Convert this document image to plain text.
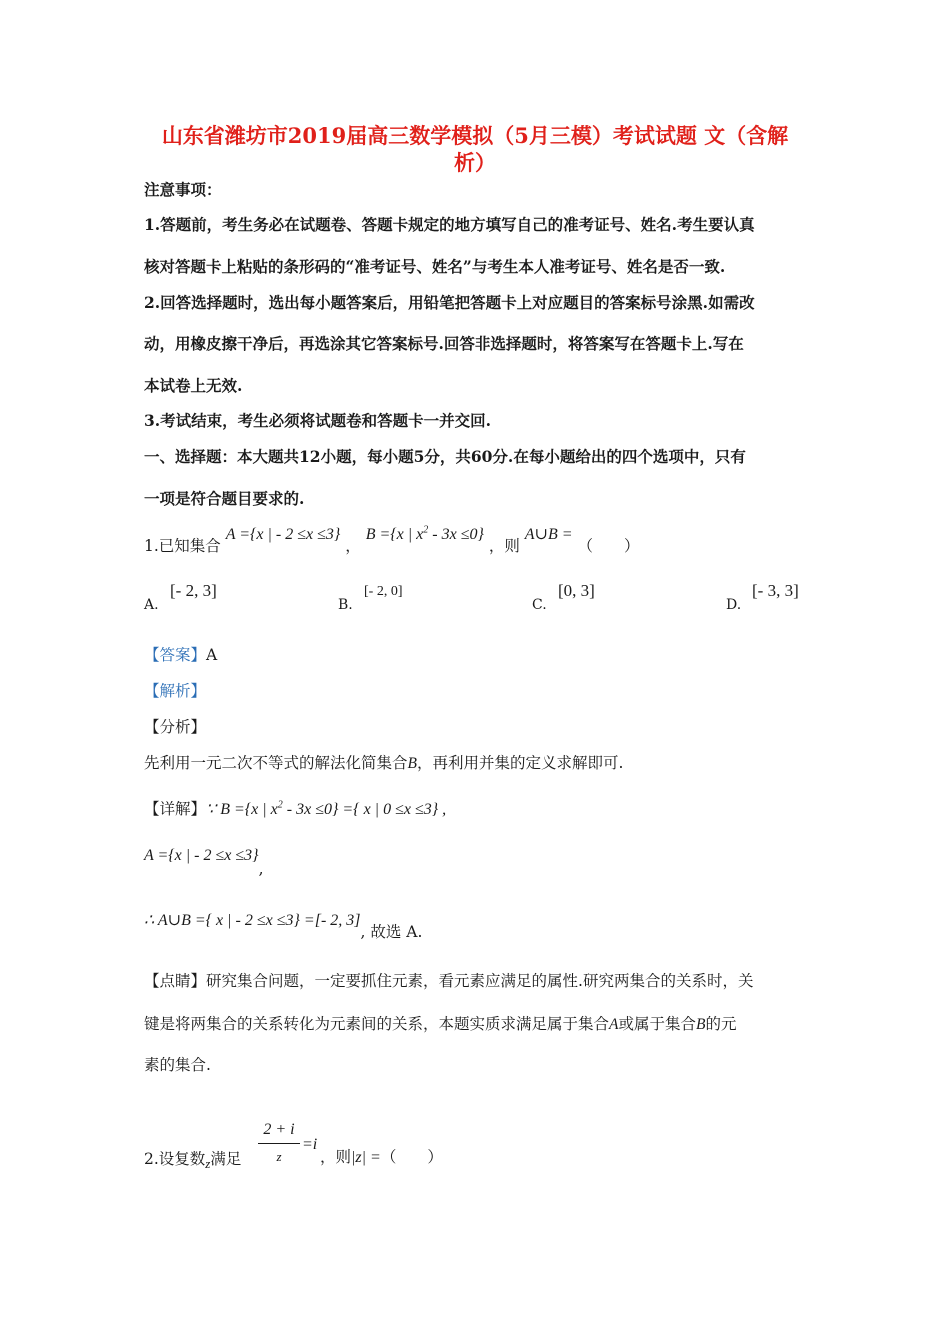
山东省潍坊市2019届高三数学模拟（5月三模）考试试题 文（含解
析）
注意事项：
1.答题前，考生务必在试题卷、答题卡规定的地方填写自己的准考证号、姓名.考生要认真
核对答题卡上粘贴的条形码的“准考证号、姓名”与考生本人准考证号、姓名是否一致.
2.回答选择题时，选出每小题答案后，用铅笔把答题卡上对应题目的答案标号涂黑.如需改
动，用橡皮擦干净后，再选涂其它答案标号.回答非选择题时，将答案写在答题卡上.写在
本试卷上无效.
3.考试结束，考生必须将试题卷和答题卡一并交回.
一、选择题：本大题共12小题，每小题5分，共60分.在每小题给出的四个选项中，只有
一项是符合题目要求的.
1.已知集合 A ={x | - 2 ≤x ≤3} ， B ={x | $x^2 - 3x \le 0$} ，则 A∪B = （　　）
A.
[- 2, 3]
B.
[- 2, 0]
C.
[0, 3]
D.
[- 3, 3]
【答案】A
【解析】
【分析】
先利用一元二次不等式的解法化简集合B，再利用并集的定义求解即可.
【详解】∵ B ={x | $x^2 - 3x \le 0$} ={ x | 0 ≤x ≤3} ,
A ={x | - 2 ≤x ≤3},
∴ A∪B ={ x | - 2 ≤x ≤3} =[- 2, 3], 故选 A.
【点睛】研究集合问题，一定要抓住元素，看元素应满足的属性.研究两集合的关系时，关
键是将两集合的关系转化为元素间的关系，本题实质求满足属于集合A或属于集合B的元
素的集合.
2.设复数$_z$满足
2 + i
z
=i
，则|z| =（　　）
